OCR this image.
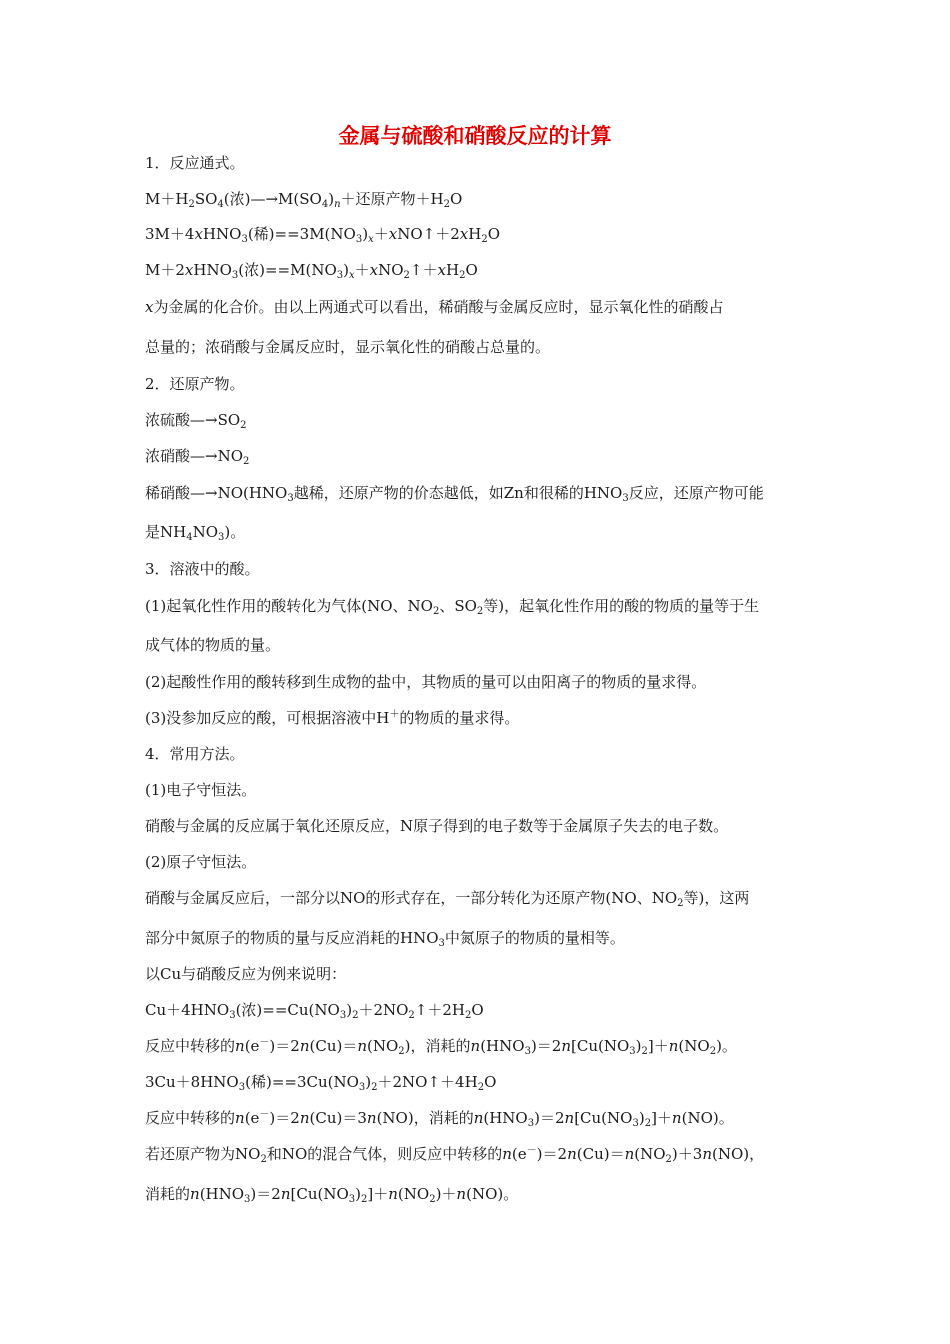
金属与硫酸和硝酸反应的计算
1．反应通式。
$M+H_2SO_4$(浓)$—\to M(SO_4)_n+$还原产物$+H_2O$
3M＋4xHNO$_3$(稀)$==3M(NO_3)_x+xNO↑+2xH_2O$
M＋2xHNO$_3$(浓)$==M(NO_3)_x+xNO_2↑+xH_2O$
x为金属的化合价。由以上两通式可以看出，稀硝酸与金属反应时，显示氧化性的硝酸占
总量的；浓硝酸与金属反应时，显示氧化性的硝酸占总量的。
2．还原产物。
浓硫酸$—\to SO_2$
浓硝酸$—\to NO_2$
稀硝酸$—\to NO(HNO_3$越稀，还原产物的价态越低，如Zn和很稀的$HNO_3$反应，还原产物可能
是$NH_4NO_3$)。
3．溶液中的酸。
(1)起氧化性作用的酸转化为气体(NO、$NO_2$、$SO_2$等)，起氧化性作用的酸的物质的量等于生
成气体的物质的量。
(2)起酸性作用的酸转移到生成物的盐中，其物质的量可以由阳离子的物质的量求得。
(3)没参加反应的酸，可根据溶液中H＋的物质的量求得。
4．常用方法。
(1)电子守恒法。
硝酸与金属的反应属于氧化还原反应，N原子得到的电子数等于金属原子失去的电子数。
(2)原子守恒法。
硝酸与金属反应后，一部分以NO的形式存在，一部分转化为还原产物(NO、$NO_2$等)，这两
部分中氮原子的物质的量与反应消耗的$HNO_3$中氮原子的物质的量相等。
以Cu与硝酸反应为例来说明：
$Cu+4HNO_3$(浓)$==Cu(NO_3)_2+2NO_2↑+2H_2O$
反应中转移的$n(e^-)=2n(Cu)=n(NO_2)$，消耗的$n(HNO_3)=2n[Cu(NO_3)_2]+n(NO_2)$。
$3Cu+8HNO_3$(稀)$==3Cu(NO_3)_2+2NO↑+4H_2O$
反应中转移的n(e－)＝2n(Cu)＝3n(NO)，消耗的$n(HNO_3)=2n[Cu(NO_3)_2]+n(NO)$。
若还原产物为$NO_2$和NO的混合气体，则反应中转移的$n(e^-)=2n(Cu)=n(NO_2)+3n(NO)$，
消耗的$n(HNO_3)=2n[Cu(NO_3)_2]+n(NO_2)+n(NO)$。
